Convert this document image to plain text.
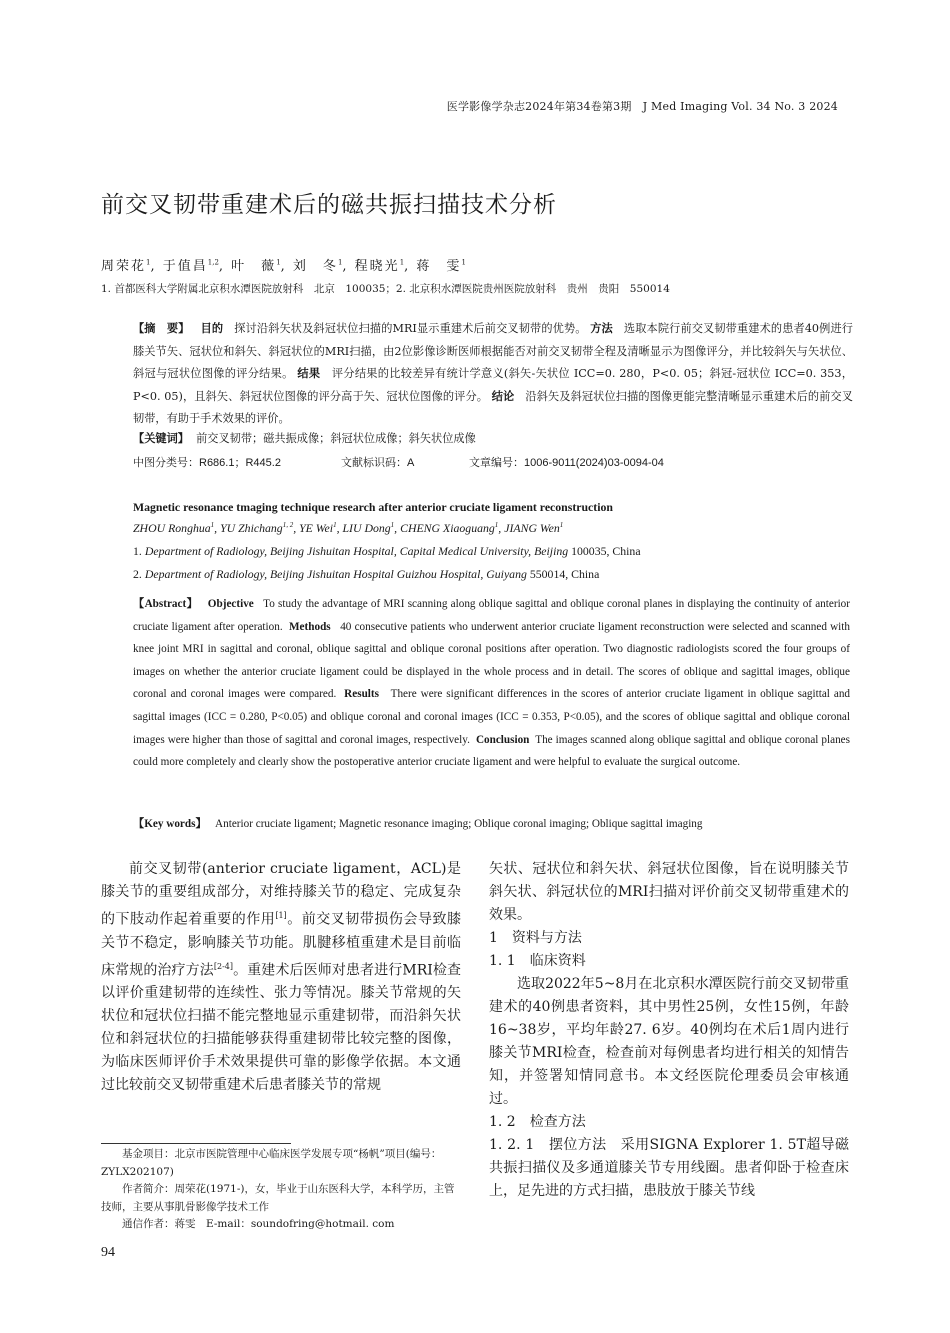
医学影像学杂志2024年第34卷第3期　J Med Imaging Vol. 34 No. 3 2024
前交叉韧带重建术后的磁共振扫描技术分析
周荣花$^1$, 于值昌$^{1,2}$, 叶　薇$^1$, 刘　冬$^1$, 程晓光$^1$, 蒋　雯$^1$
1. 首都医科大学附属北京积水潭医院放射科　北京　100035；2. 北京积水潭医院贵州医院放射科　贵州　贵阳　550014
【摘　要】 目的 探讨沿斜矢状及斜冠状位扫描的MRI显示重建术后前交叉韧带的优势。 方法 选取本院行前交叉韧带重建术的患者40例进行膝关节矢、冠状位和斜矢、斜冠状位的MRI扫描，由2位影像诊断医师根据能否对前交叉韧带全程及清晰显示为图像评分，并比较斜矢与矢状位、斜冠与冠状位图像的评分结果。 结果 评分结果的比较差异有统计学意义(斜矢-矢状位 ICC=0. 280，P<0. 05；斜冠-冠状位 ICC=0. 353，P<0. 05)，且斜矢、斜冠状位图像的评分高于矢、冠状位图像的评分。 结论 沿斜矢及斜冠状位扫描的图像更能完整清晰显示重建术后的前交叉韧带，有助于手术效果的评价。
【关键词】 前交叉韧带；磁共振成像；斜冠状位成像；斜矢状位成像
中图分类号：R686.1；R445.2	文献标识码：A	文章编号：1006-9011(2024)03-0094-04
Magnetic resonance tmaging technique research after anterior cruciate ligament reconstruction
ZHOU Ronghua$^1$, YU Zhichang$^{1, 2}$, YE Wei$^1$, LIU Dong$^1$, CHENG Xiaoguang$^1$, JIANG Wen$^1$
1. Department of Radiology, Beijing Jishuitan Hospital, Capital Medical University, Beijing 100035, China
2. Department of Radiology, Beijing Jishuitan Hospital Guizhou Hospital, Guiyang 550014, China
【Abstract】 Objective To study the advantage of MRI scanning along oblique sagittal and oblique coronal planes in displaying the continuity of anterior cruciate ligament after operation. Methods 40 consecutive patients who underwent anterior cruciate ligament reconstruction were selected and scanned with knee joint MRI in sagittal and coronal, oblique sagittal and oblique coronal positions after operation. Two diagnostic radiologists scored the four groups of images on whether the anterior cruciate ligament could be displayed in the whole process and in detail. The scores of oblique and sagittal images, oblique coronal and coronal images were compared. Results There were significant differences in the scores of anterior cruciate ligament in oblique sagittal and sagittal images (ICC = 0.280, P<0.05) and oblique coronal and coronal images (ICC = 0.353, P<0.05), and the scores of oblique sagittal and oblique coronal images were higher than those of sagittal and coronal images, respectively. Conclusion The images scanned along oblique sagittal and oblique coronal planes could more completely and clearly show the postoperative anterior cruciate ligament and were helpful to evaluate the surgical outcome.
【Key words】 Anterior cruciate ligament; Magnetic resonance imaging; Oblique coronal imaging; Oblique sagittal imaging

前交叉韧带(anterior cruciate ligament，ACL)是膝关节的重要组成部分，对维持膝关节的稳定、完成复杂的下肢动作起着重要的作用[1]。前交叉韧带损伤会导致膝关节不稳定，影响膝关节功能。肌腱移植重建术是目前临床常规的治疗方法[2-4]。重建术后医师对患者进行MRI检查以评价重建韧带的连续性、张力等情况。膝关节常规的矢状位和冠状位扫描不能完整地显示重建韧带，而沿斜矢状位和斜冠状位的扫描能够获得重建韧带比较完整的图像，为临床医师评价手术效果提供可靠的影像学依据。本文通过比较前交叉韧带重建术后患者膝关节的常规

矢状、冠状位和斜矢状、斜冠状位图像，旨在说明膝关节斜矢状、斜冠状位的MRI扫描对评价前交叉韧带重建术的效果。

1　资料与方法

1. 1　临床资料

选取2022年5~8月在北京积水潭医院行前交叉韧带重建术的40例患者资料，其中男性25例，女性15例，年龄16~38岁，平均年龄27. 6岁。40例均在术后1周内进行膝关节MRI检查，检查前对每例患者均进行相关的知情告知，并签署知情同意书。本文经医院伦理委员会审核通过。

1. 2　检查方法

1. 2. 1　摆位方法　采用SIGNA Explorer 1. 5T超导磁共振扫描仪及多通道膝关节专用线圈。患者仰卧于检查床上，足先进的方式扫描，患肢放于膝关节线

基金项目：北京市医院管理中心临床医学发展专项“杨帆”项目(编号：ZYLX202107)

作者简介：周荣花(1971-)，女，毕业于山东医科大学，本科学历，主管技师，主要从事肌骨影像学技术工作

通信作者：蒋雯　E-mail：soundofring@hotmail. com

94
